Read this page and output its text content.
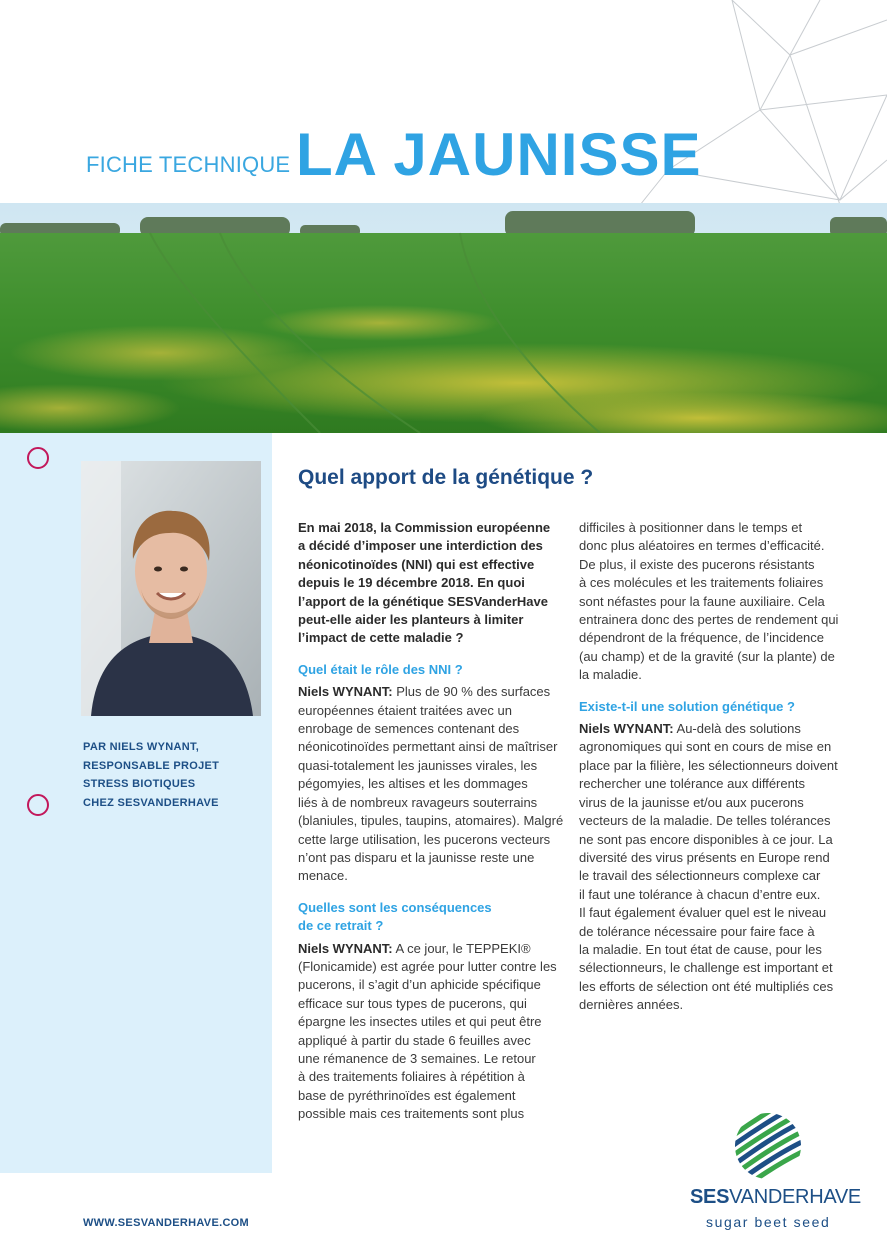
FICHE TECHNIQUE LA JAUNISSE
PAR NIELS WYNANT,
RESPONSABLE PROJET
STRESS BIOTIQUES
CHEZ SESVANDERHAVE
Quel apport de la génétique ?
En mai 2018, la Commission européenne
a décidé d’imposer une interdiction des
néonicotinoïdes (NNI) qui est effective
depuis le 19 décembre 2018. En quoi
l’apport de la génétique SESVanderHave
peut-elle aider les planteurs à limiter
l’impact de cette maladie ?
Quel était le rôle des NNI ?
Niels WYNANT: Plus de 90 % des surfaces
européennes étaient traitées avec un
enrobage de semences contenant des
néonicotinoïdes permettant ainsi de maîtriser
quasi-totalement les jaunisses virales, les
pégomyies, les altises et les dommages
liés à de nombreux ravageurs souterrains
(blaniules, tipules, taupins, atomaires). Malgré
cette large utilisation, les pucerons vecteurs
n’ont pas disparu et la jaunisse reste une
menace.
Quelles sont les conséquences
de ce retrait ?
Niels WYNANT: A ce jour, le TEPPEKI®
(Flonicamide) est agrée pour lutter contre les
pucerons, il s’agit d’un aphicide spécifique
efficace sur tous types de pucerons, qui
épargne les insectes utiles et qui peut être
appliqué à partir du stade 6 feuilles avec
une rémanence de 3 semaines. Le retour
à des traitements foliaires à répétition à
base de pyréthrinoïdes est également
possible mais ces traitements sont plus
difficiles à positionner dans le temps et
donc plus aléatoires en termes d’efficacité.
De plus, il existe des pucerons résistants
à ces molécules et les traitements foliaires
sont néfastes pour la faune auxiliaire. Cela
entrainera donc des pertes de rendement qui
dépendront de la fréquence, de l’incidence
(au champ) et de la gravité (sur la plante) de
la maladie.
Existe-t-il une solution génétique ?
Niels WYNANT: Au-delà des solutions
agronomiques qui sont en cours de mise en
place par la filière, les sélectionneurs doivent
rechercher une tolérance aux différents
virus de la jaunisse et/ou aux pucerons
vecteurs de la maladie. De telles tolérances
ne sont pas encore disponibles à ce jour. La
diversité des virus présents en Europe rend
le travail des sélectionneurs complexe car
il faut une tolérance à chacun d’entre eux.
Il faut également évaluer quel est le niveau
de tolérance nécessaire pour faire face à
la maladie. En tout état de cause, pour les
sélectionneurs, le challenge est important et
les efforts de sélection ont été multipliés ces
dernières années.
WWW.SESVANDERHAVE.COM
SESVANDERHAVE
sugar beet seed
